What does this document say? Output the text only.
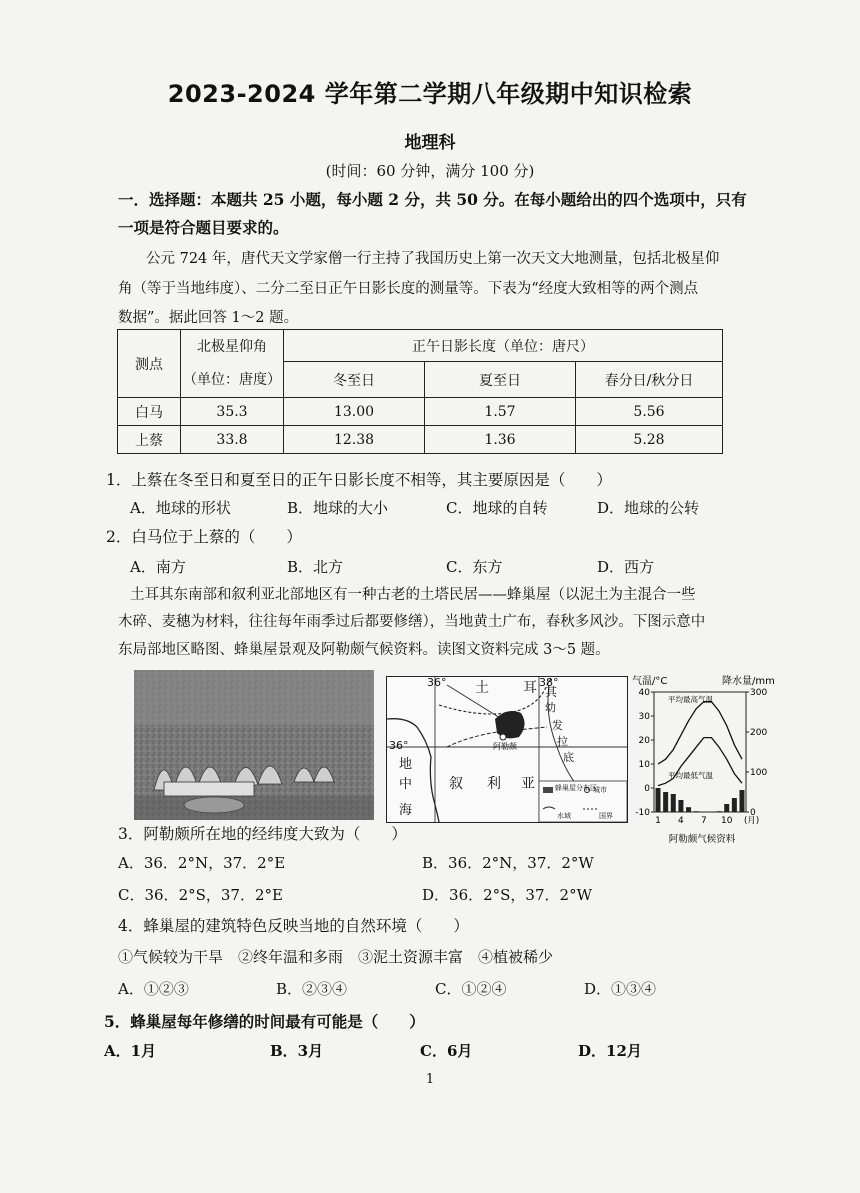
2023-2024 学年第二学期八年级期中知识检索
地理科
(时间：60 分钟，满分 100 分)
一．选择题：本题共 25 小题，每小题 2 分，共 50 分。在每小题给出的四个选项中，只有
一项是符合题目要求的。
公元 724 年，唐代天文学家僧一行主持了我国历史上第一次天文大地测量，包括北极星仰
角（等于当地纬度）、二分二至日正午日影长度的测量等。下表为“经度大致相等的两个测点
数据”。据此回答 1～2 题。
测点	北极星仰角	正午日影长度（单位：唐尺）		
	（单位：唐度）	冬至日	夏至日	春分日/秋分日
白马	35.3	13.00	1.57	5.56
上蔡	33.8	12.38	1.36	5.28
1．上蔡在冬至日和夏至日的正午日影长度不相等，其主要原因是（　　）
A．地球的形状	B．地球的大小	C．地球的自转	D．地球的公转
2．白马位于上蔡的（　　）
A．南方	B．北方	C．东方	D．西方
土耳其东南部和叙利亚北部地区有一种古老的土塔民居——蜂巢屋（以泥土为主混合一些
木碎、麦穗为材料，往往每年雨季过后都要修缮），当地黄土广布，春秋多风沙。下图示意中
东局部地区略图、蜂巢屋景观及阿勒颇气候资料。读图文资料完成 3～5 题。
36°	38°
36°
土 耳 其
地
中
海
叙 利 亚
阿勒颇
幼
发
拉
底
蜂巢屋分布区
城市
水域	国界
气温/°C	降水量/mm
40
30
20
10
0
-10
300
200
100
0
1 4 7 10 (月)
平均最高气温
平均最低气温
阿勒颇气候资料
3．阿勒颇所在地的经纬度大致为（　　）
A．36．2°N，37．2°E	B．36．2°N，37．2°W
C．36．2°S，37．2°E	D．36．2°S，37．2°W
4．蜂巢屋的建筑特色反映当地的自然环境（　　）
①气候较为干旱　②终年温和多雨　③泥土资源丰富　④植被稀少
A．①②③	B．②③④	C．①②④	D．①③④
5．蜂巢屋每年修缮的时间最有可能是（　　）
A．1月	B．3月	C．6月	D．12月
1
